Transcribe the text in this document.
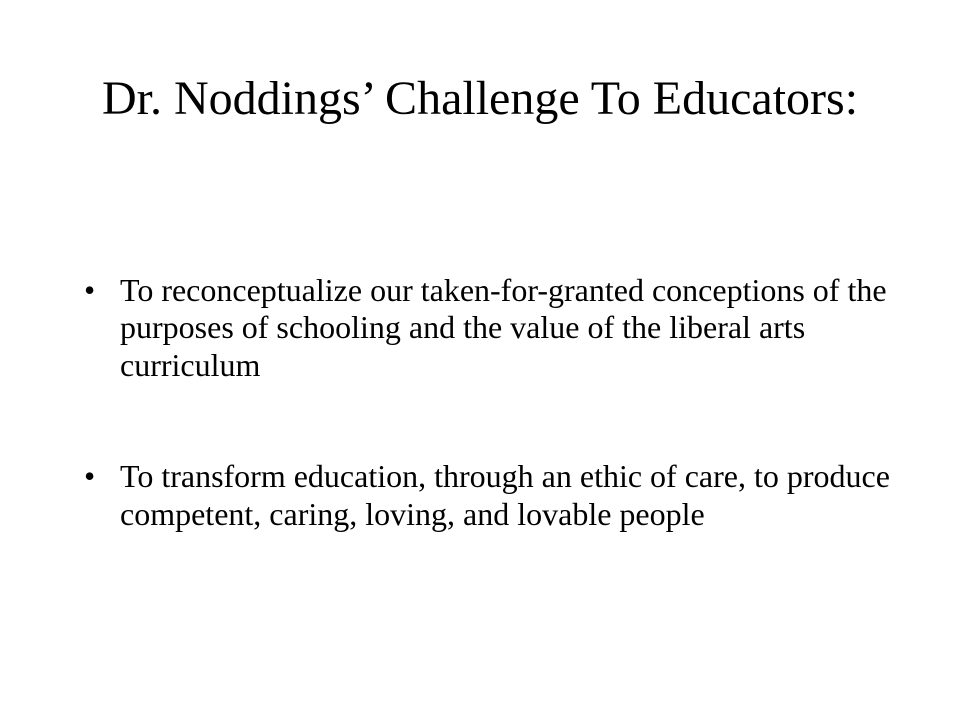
Dr. Noddings’ Challenge To Educators:
• To reconceptualize our taken-for-granted conceptions of the purposes of schooling and the value of the liberal arts curriculum
• To transform education, through an ethic of care, to produce competent, caring, loving, and lovable people
